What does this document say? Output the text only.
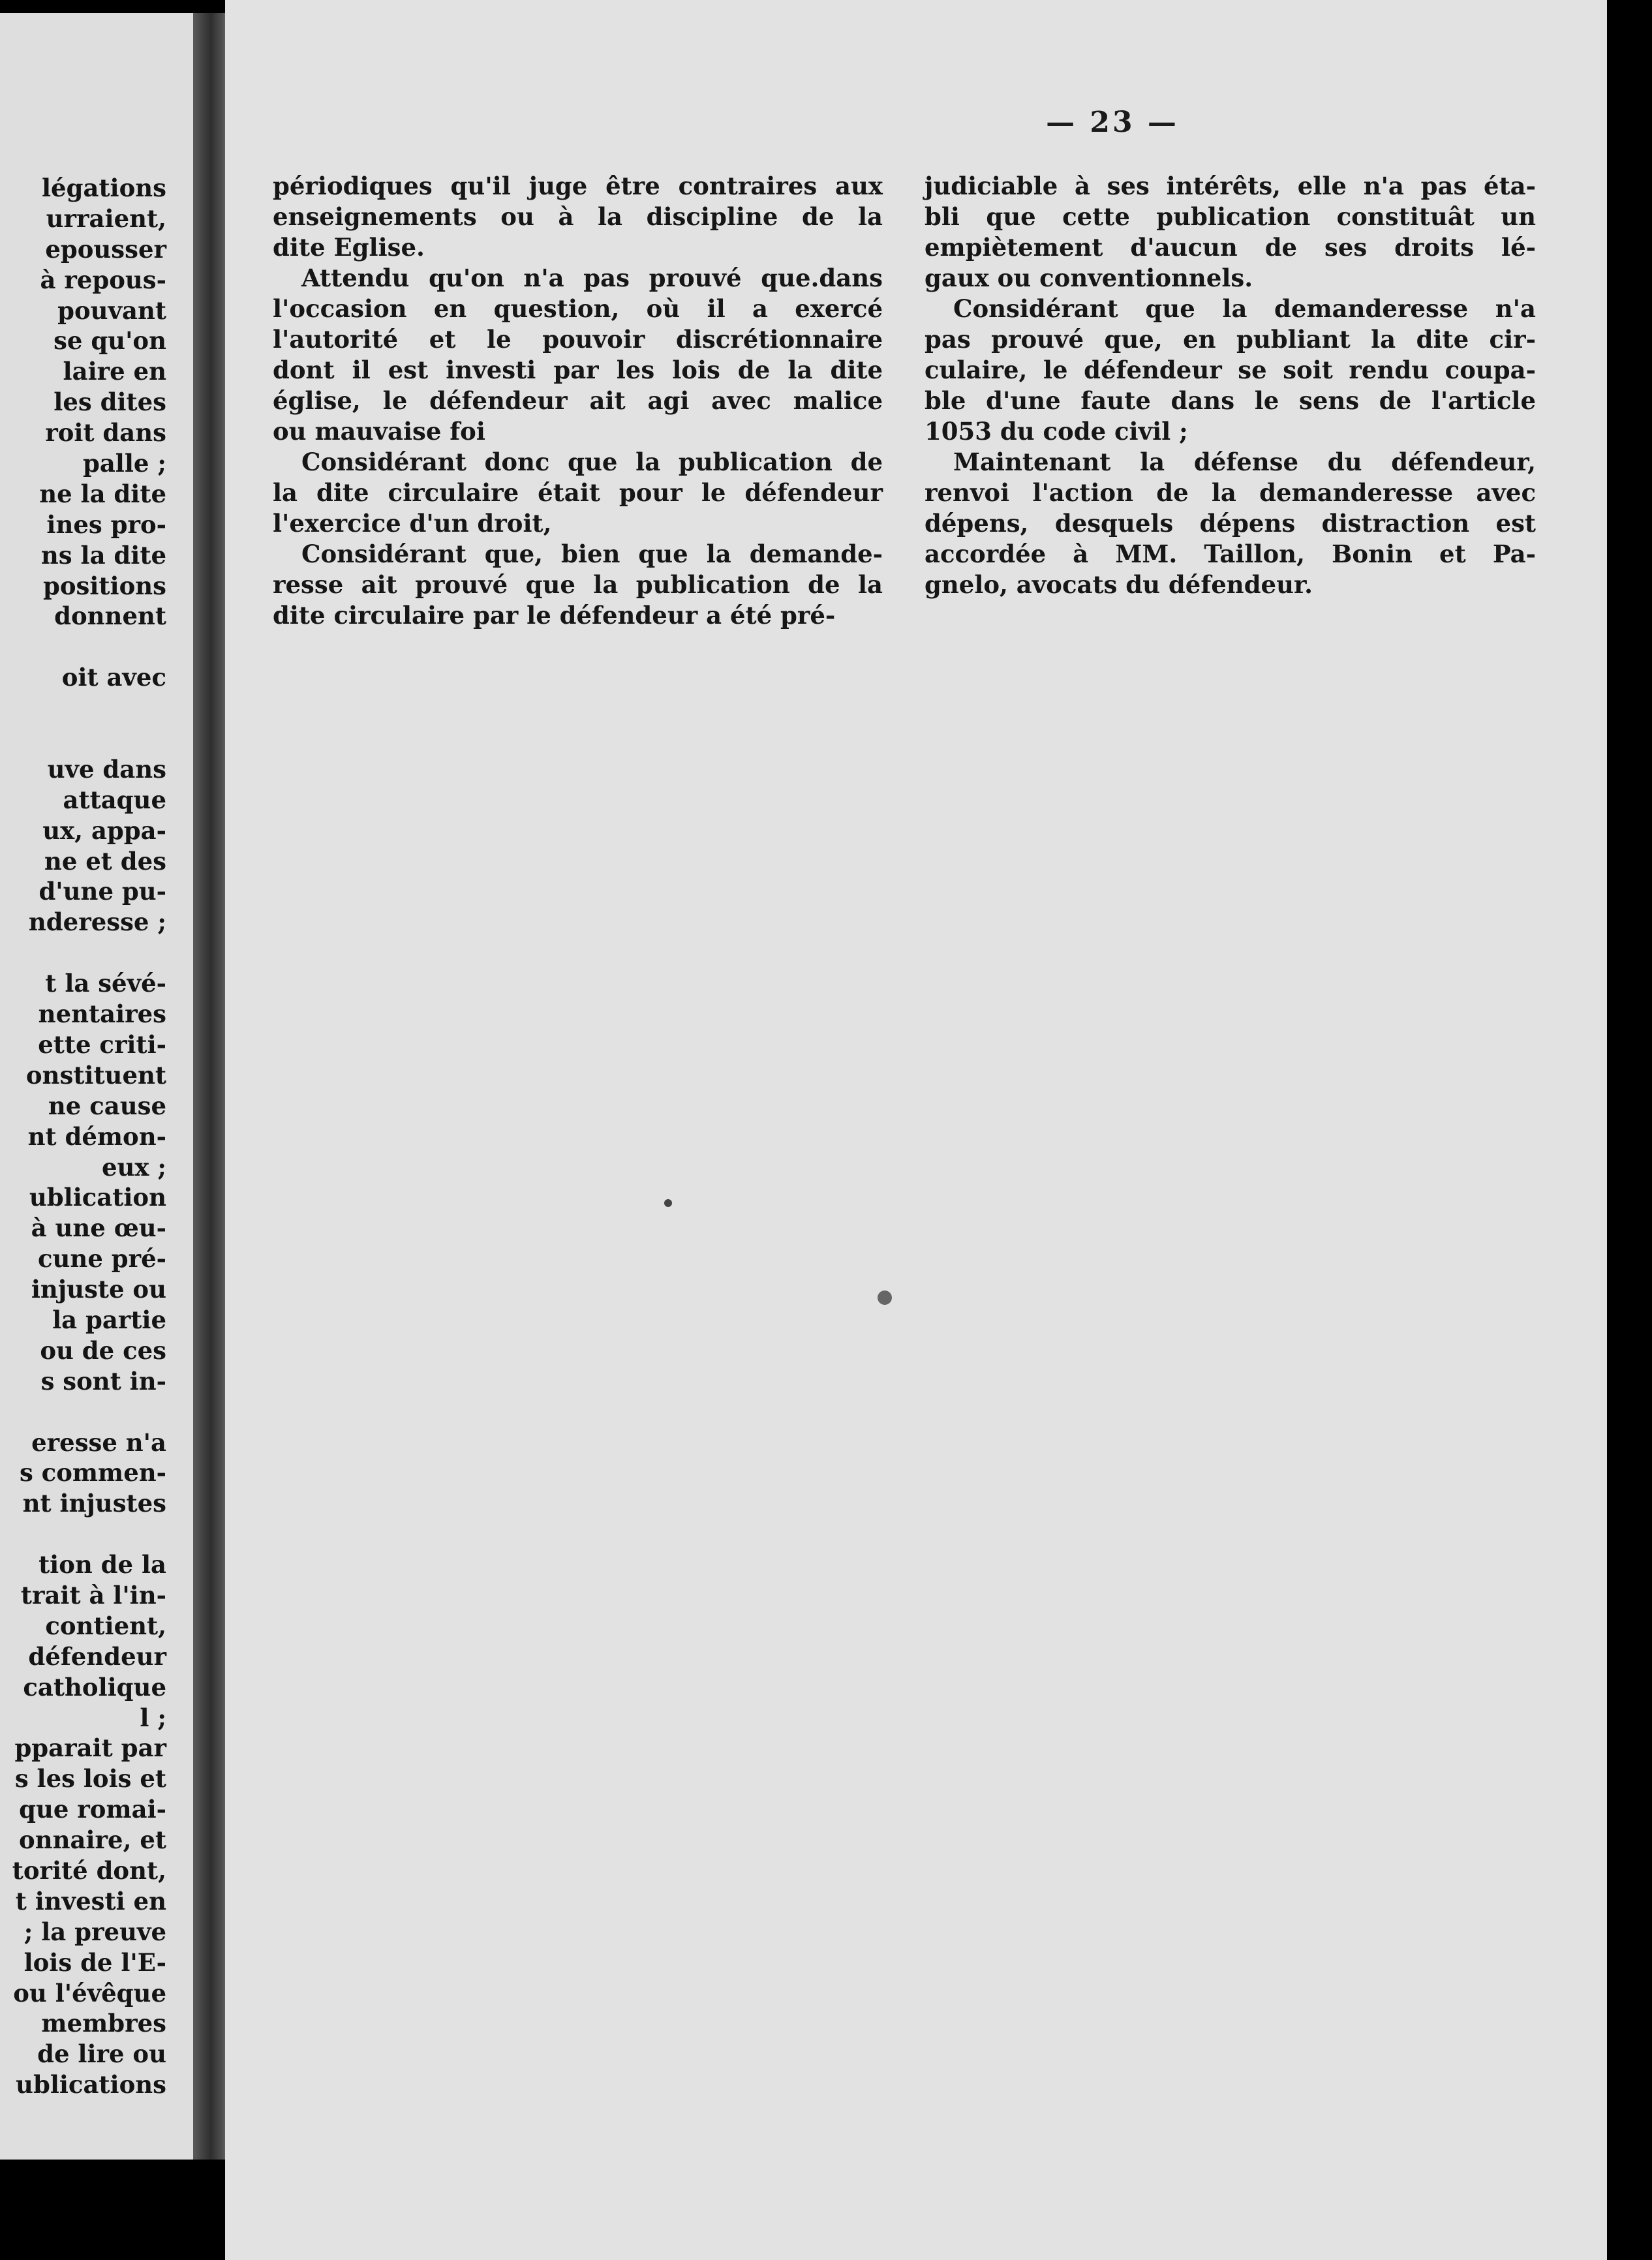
légations
urraient,
epousser
à repous-
pouvant
se qu'on
laire en
les dites
roit dans
palle ;
ne la dite
ines pro-
ns la dite
positions
donnent
oit avec
uve dans
attaque
ux, appa-
ne et des
d'une pu-
nderesse ;
t la sévé-
nentaires
ette criti-
onstituent
ne cause
nt démon-
eux ;
ublication
à une œu-
cune pré-
injuste ou
la partie
ou de ces
s sont in-
eresse n'a
s commen-
nt injustes
tion de la
trait à l'in-
contient,
défendeur
catholique
l ;
pparait par
s les lois et
que romai-
onnaire, et
torité dont,
t investi en
; la preuve
lois de l'E-
ou l'évêque
membres
de lire ou
ublications
— 23 —

périodiques qu'il juge être contraires aux
enseignements ou à la discipline de la
dite Eglise.

Attendu qu'on n'a pas prouvé que.dans
l'occasion en question, où il a exercé
l'autorité et le pouvoir discrétionnaire
dont il est investi par les lois de la dite
église, le défendeur ait agi avec malice
ou mauvaise foi

Considérant donc que la publication de
la dite circulaire était pour le défendeur
l'exercice d'un droit,

Considérant que, bien que la demande-
resse ait prouvé que la publication de la
dite circulaire par le défendeur a été pré-

judiciable à ses intérêts, elle n'a pas éta-
bli que cette publication constituât un
empiètement d'aucun de ses droits lé-
gaux ou conventionnels.

Considérant que la demanderesse n'a
pas prouvé que, en publiant la dite cir-
culaire, le défendeur se soit rendu coupa-
ble d'une faute dans le sens de l'article
1053 du code civil ;

Maintenant la défense du défendeur,
renvoi l'action de la demanderesse avec
dépens, desquels dépens distraction est
accordée à MM. Taillon, Bonin et Pa-
gnelo, avocats du défendeur.
